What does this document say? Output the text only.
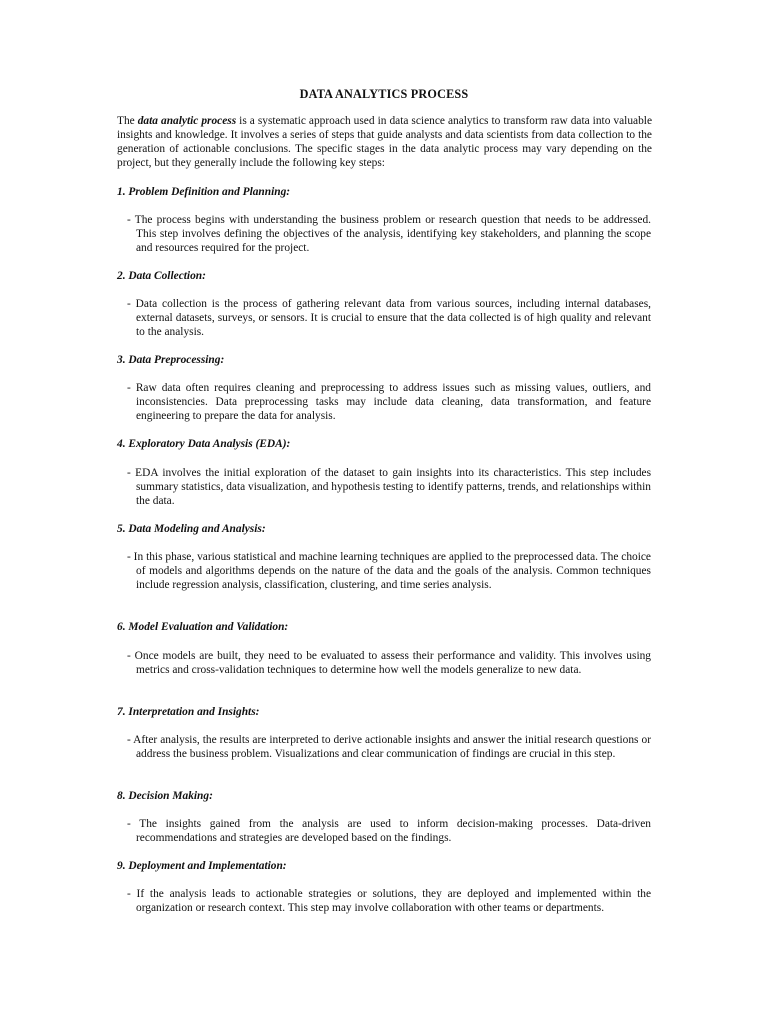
DATA ANALYTICS PROCESS

The data analytic process is a systematic approach used in data science analytics to transform raw data into valuable insights and knowledge. It involves a series of steps that guide analysts and data scientists from data collection to the generation of actionable conclusions. The specific stages in the data analytic process may vary depending on the project, but they generally include the following key steps:

1. Problem Definition and Planning:

- The process begins with understanding the business problem or research question that needs to be addressed. This step involves defining the objectives of the analysis, identifying key stakeholders, and planning the scope and resources required for the project.

2. Data Collection:

- Data collection is the process of gathering relevant data from various sources, including internal databases, external datasets, surveys, or sensors. It is crucial to ensure that the data collected is of high quality and relevant to the analysis.

3. Data Preprocessing:

- Raw data often requires cleaning and preprocessing to address issues such as missing values, outliers, and inconsistencies. Data preprocessing tasks may include data cleaning, data transformation, and feature engineering to prepare the data for analysis.

4. Exploratory Data Analysis (EDA):

- EDA involves the initial exploration of the dataset to gain insights into its characteristics. This step includes summary statistics, data visualization, and hypothesis testing to identify patterns, trends, and relationships within the data.

5. Data Modeling and Analysis:

- In this phase, various statistical and machine learning techniques are applied to the preprocessed data. The choice of models and algorithms depends on the nature of the data and the goals of the analysis. Common techniques include regression analysis, classification, clustering, and time series analysis.

6. Model Evaluation and Validation:

- Once models are built, they need to be evaluated to assess their performance and validity. This involves using metrics and cross-validation techniques to determine how well the models generalize to new data.

7. Interpretation and Insights:

- After analysis, the results are interpreted to derive actionable insights and answer the initial research questions or address the business problem. Visualizations and clear communication of findings are crucial in this step.

8. Decision Making:

- The insights gained from the analysis are used to inform decision-making processes. Data-driven recommendations and strategies are developed based on the findings.

9. Deployment and Implementation:

- If the analysis leads to actionable strategies or solutions, they are deployed and implemented within the organization or research context. This step may involve collaboration with other teams or departments.
